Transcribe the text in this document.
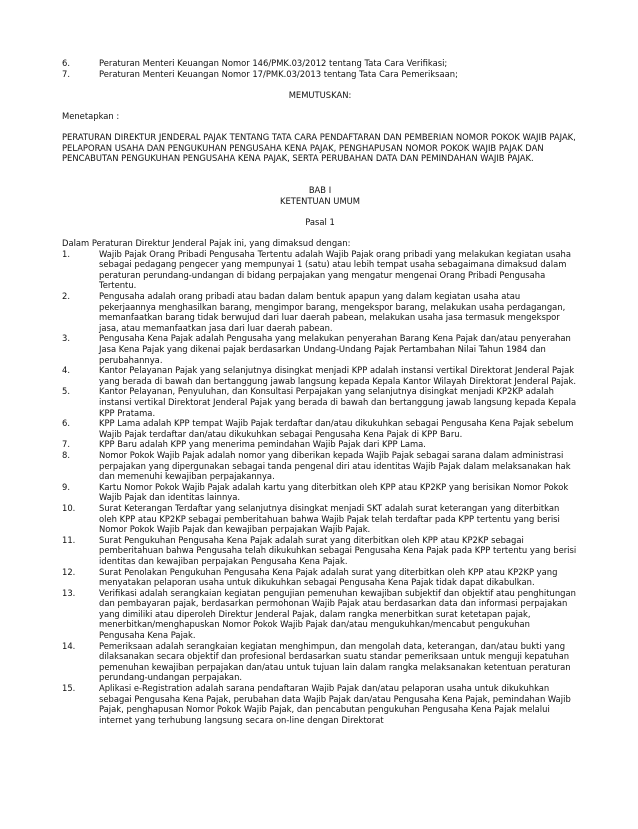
6.	Peraturan Menteri Keuangan Nomor 146/PMK.03/2012 tentang Tata Cara Verifikasi;
7.	Peraturan Menteri Keuangan Nomor 17/PMK.03/2013 tentang Tata Cara Pemeriksaan;

MEMUTUSKAN:

Menetapkan :

PERATURAN DIREKTUR JENDERAL PAJAK TENTANG TATA CARA PENDAFTARAN DAN PEMBERIAN NOMOR POKOK WAJIB PAJAK, PELAPORAN USAHA DAN PENGUKUHAN PENGUSAHA KENA PAJAK, PENGHAPUSAN NOMOR POKOK WAJIB PAJAK DAN PENCABUTAN PENGUKUHAN PENGUSAHA KENA PAJAK, SERTA PERUBAHAN DATA DAN PEMINDAHAN WAJIB PAJAK.

BAB I

KETENTUAN UMUM

Pasal 1

Dalam Peraturan Direktur Jenderal Pajak ini, yang dimaksud dengan:

1.	Wajib Pajak Orang Pribadi Pengusaha Tertentu adalah Wajib Pajak orang pribadi yang melakukan kegiatan usaha sebagai pedagang pengecer yang mempunyai 1 (satu) atau lebih tempat usaha sebagaimana dimaksud dalam peraturan perundang-undangan di bidang perpajakan yang mengatur mengenai Orang Pribadi Pengusaha Tertentu.
2.	Pengusaha adalah orang pribadi atau badan dalam bentuk apapun yang dalam kegiatan usaha atau pekerjaannya menghasilkan barang, mengimpor barang, mengekspor barang, melakukan usaha perdagangan, memanfaatkan barang tidak berwujud dari luar daerah pabean, melakukan usaha jasa termasuk mengekspor jasa, atau memanfaatkan jasa dari luar daerah pabean.
3.	Pengusaha Kena Pajak adalah Pengusaha yang melakukan penyerahan Barang Kena Pajak dan/atau penyerahan Jasa Kena Pajak yang dikenai pajak berdasarkan Undang-Undang Pajak Pertambahan Nilai Tahun 1984 dan perubahannya.
4.	Kantor Pelayanan Pajak yang selanjutnya disingkat menjadi KPP adalah instansi vertikal Direktorat Jenderal Pajak yang berada di bawah dan bertanggung jawab langsung kepada Kepala Kantor Wilayah Direktorat Jenderal Pajak.
5.	Kantor Pelayanan, Penyuluhan, dan Konsultasi Perpajakan yang selanjutnya disingkat menjadi KP2KP adalah instansi vertikal Direktorat Jenderal Pajak yang berada di bawah dan bertanggung jawab langsung kepada Kepala KPP Pratama.
6.	KPP Lama adalah KPP tempat Wajib Pajak terdaftar dan/atau dikukuhkan sebagai Pengusaha Kena Pajak sebelum Wajib Pajak terdaftar dan/atau dikukuhkan sebagai Pengusaha Kena Pajak di KPP Baru.
7.	KPP Baru adalah KPP yang menerima pemindahan Wajib Pajak dari KPP Lama.
8.	Nomor Pokok Wajib Pajak adalah nomor yang diberikan kepada Wajib Pajak sebagai sarana dalam administrasi perpajakan yang dipergunakan sebagai tanda pengenal diri atau identitas Wajib Pajak dalam melaksanakan hak dan memenuhi kewajiban perpajakannya.
9.	Kartu Nomor Pokok Wajib Pajak adalah kartu yang diterbitkan oleh KPP atau KP2KP yang berisikan Nomor Pokok Wajib Pajak dan identitas lainnya.
10.	Surat Keterangan Terdaftar yang selanjutnya disingkat menjadi SKT adalah surat keterangan yang diterbitkan oleh KPP atau KP2KP sebagai pemberitahuan bahwa Wajib Pajak telah terdaftar pada KPP tertentu yang berisi Nomor Pokok Wajib Pajak dan kewajiban perpajakan Wajib Pajak.
11.	Surat Pengukuhan Pengusaha Kena Pajak adalah surat yang diterbitkan oleh KPP atau KP2KP sebagai pemberitahuan bahwa Pengusaha telah dikukuhkan sebagai Pengusaha Kena Pajak pada KPP tertentu yang berisi identitas dan kewajiban perpajakan Pengusaha Kena Pajak.
12.	Surat Penolakan Pengukuhan Pengusaha Kena Pajak adalah surat yang diterbitkan oleh KPP atau KP2KP yang menyatakan pelaporan usaha untuk dikukuhkan sebagai Pengusaha Kena Pajak tidak dapat dikabulkan.
13.	Verifikasi adalah serangkaian kegiatan pengujian pemenuhan kewajiban subjektif dan objektif atau penghitungan dan pembayaran pajak, berdasarkan permohonan Wajib Pajak atau berdasarkan data dan informasi perpajakan yang dimiliki atau diperoleh Direktur Jenderal Pajak, dalam rangka menerbitkan surat ketetapan pajak, menerbitkan/menghapuskan Nomor Pokok Wajib Pajak dan/atau mengukuhkan/mencabut pengukuhan Pengusaha Kena Pajak.
14.	Pemeriksaan adalah serangkaian kegiatan menghimpun, dan mengolah data, keterangan, dan/atau bukti yang dilaksanakan secara objektif dan profesional berdasarkan suatu standar pemeriksaan untuk menguji kepatuhan pemenuhan kewajiban perpajakan dan/atau untuk tujuan lain dalam rangka melaksanakan ketentuan peraturan perundang-undangan perpajakan.
15.	Aplikasi e-Registration adalah sarana pendaftaran Wajib Pajak dan/atau pelaporan usaha untuk dikukuhkan sebagai Pengusaha Kena Pajak, perubahan data Wajib Pajak dan/atau Pengusaha Kena Pajak, pemindahan Wajib Pajak, penghapusan Nomor Pokok Wajib Pajak, dan pencabutan pengukuhan Pengusaha Kena Pajak melalui internet yang terhubung langsung secara on-line dengan Direktorat
